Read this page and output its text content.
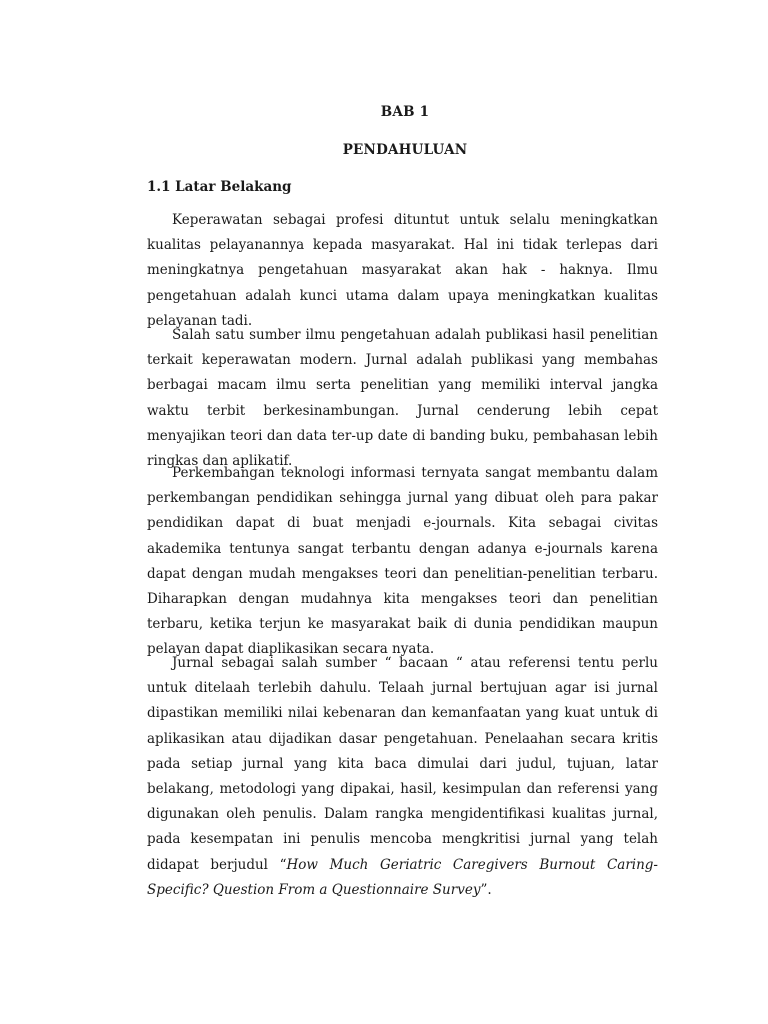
BAB 1
PENDAHULUAN
1.1 Latar Belakang

Keperawatan sebagai profesi dituntut untuk selalu meningkatkan kualitas pelayanannya kepada masyarakat. Hal ini tidak terlepas dari meningkatnya pengetahuan masyarakat akan hak - haknya. Ilmu pengetahuan adalah kunci utama dalam upaya meningkatkan kualitas pelayanan tadi.

Salah satu sumber ilmu pengetahuan adalah publikasi hasil penelitian terkait keperawatan modern. Jurnal adalah publikasi yang membahas berbagai macam ilmu serta penelitian yang memiliki interval jangka waktu terbit berkesinambungan. Jurnal cenderung lebih cepat menyajikan teori dan data ter-up date di banding buku, pembahasan lebih ringkas dan aplikatif.

Perkembangan teknologi informasi ternyata sangat membantu dalam perkembangan pendidikan sehingga jurnal yang dibuat oleh para pakar pendidikan dapat di buat menjadi e-journals. Kita sebagai civitas akademika tentunya sangat terbantu dengan adanya e-journals karena dapat dengan mudah mengakses teori dan penelitian-penelitian terbaru. Diharapkan dengan mudahnya kita mengakses teori dan penelitian terbaru, ketika terjun ke masyarakat baik di dunia pendidikan maupun pelayan dapat diaplikasikan secara nyata.

Jurnal sebagai salah sumber “ bacaan “ atau referensi tentu perlu untuk ditelaah terlebih dahulu. Telaah jurnal bertujuan agar isi jurnal dipastikan memiliki nilai kebenaran dan kemanfaatan yang kuat untuk di aplikasikan atau dijadikan dasar pengetahuan. Penelaahan secara kritis pada setiap jurnal yang kita baca dimulai dari judul, tujuan, latar belakang, metodologi yang dipakai, hasil, kesimpulan dan referensi yang digunakan oleh penulis. Dalam rangka mengidentifikasi kualitas jurnal, pada kesempatan ini penulis mencoba mengkritisi jurnal yang telah didapat berjudul “How Much Geriatric Caregivers Burnout Caring-Specific? Question From a Questionnaire Survey”.
